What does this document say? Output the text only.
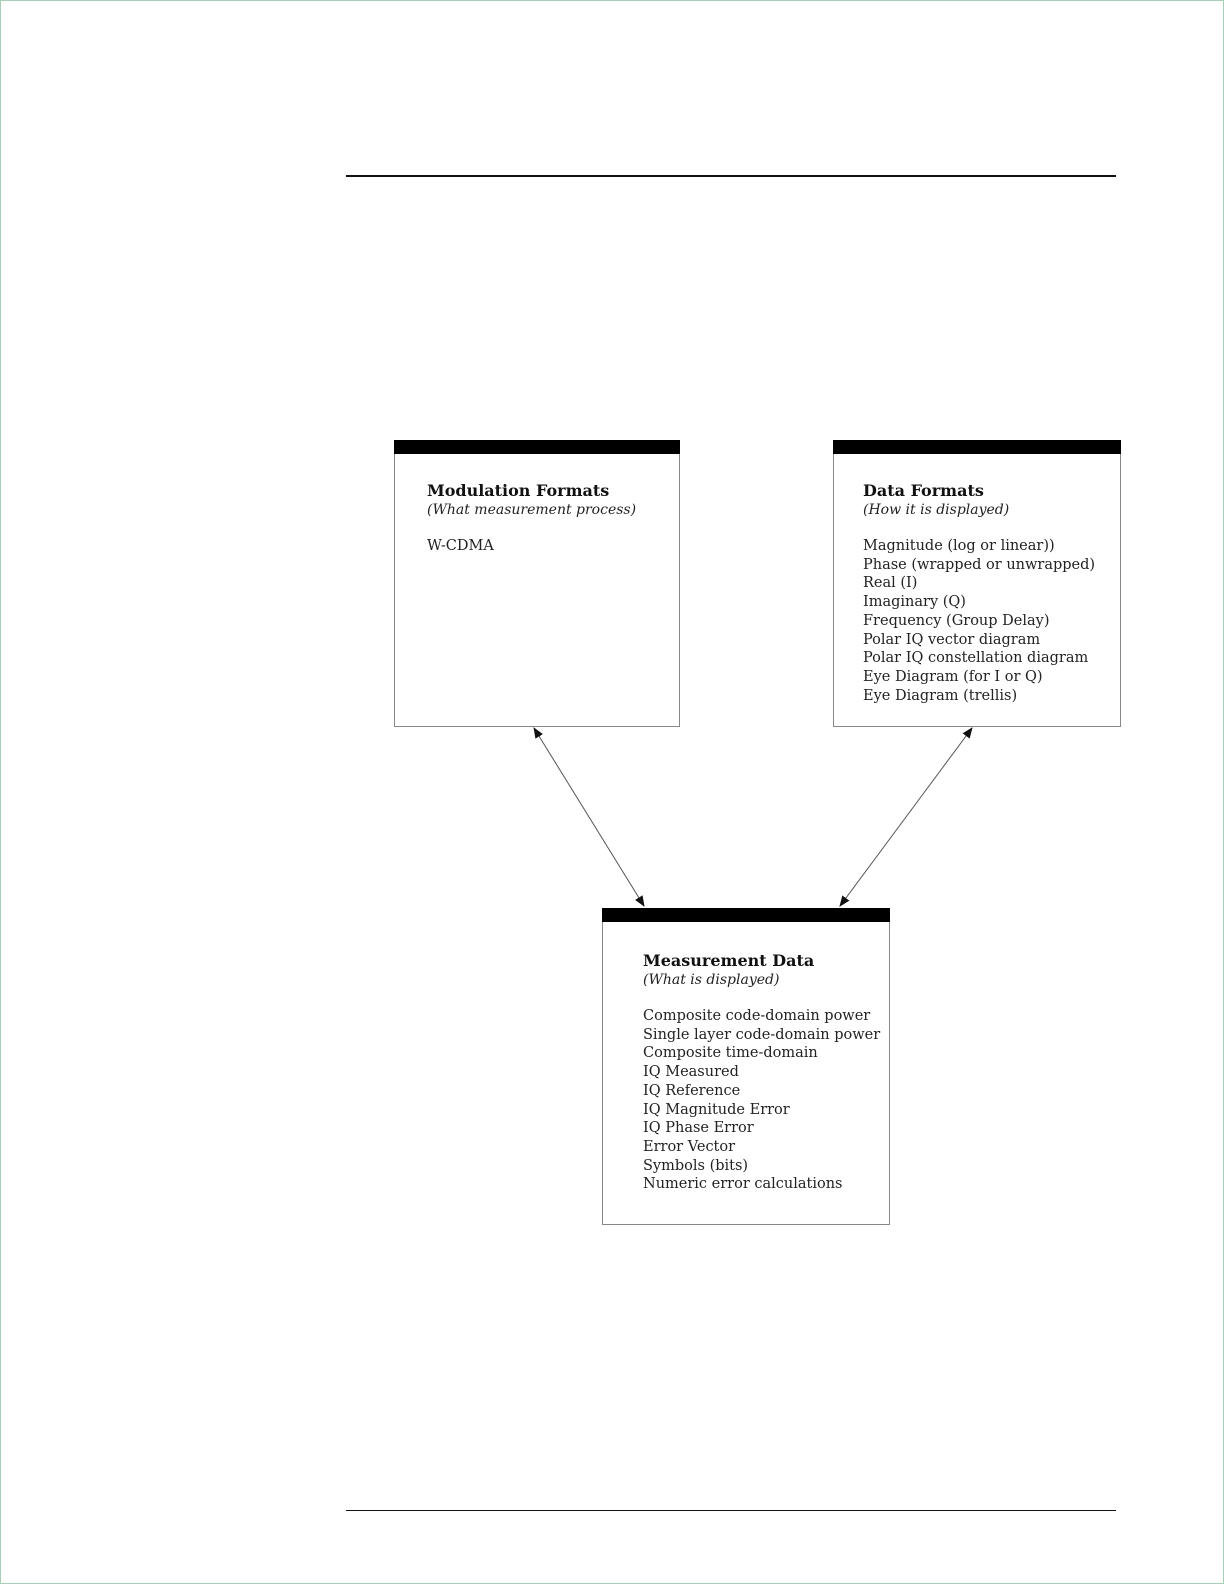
Modulation Formats
(What measurement process)
W-CDMA
Data Formats
(How it is displayed)
Magnitude (log or linear))
Phase (wrapped or unwrapped)
Real (I)
Imaginary (Q)
Frequency (Group Delay)
Polar IQ vector diagram
Polar IQ constellation diagram
Eye Diagram (for I or Q)
Eye Diagram (trellis)
Measurement Data
(What is displayed)
Composite code-domain power
Single layer code-domain power
Composite time-domain
IQ Measured
IQ Reference
IQ Magnitude Error
IQ Phase Error
Error Vector
Symbols (bits)
Numeric error calculations
